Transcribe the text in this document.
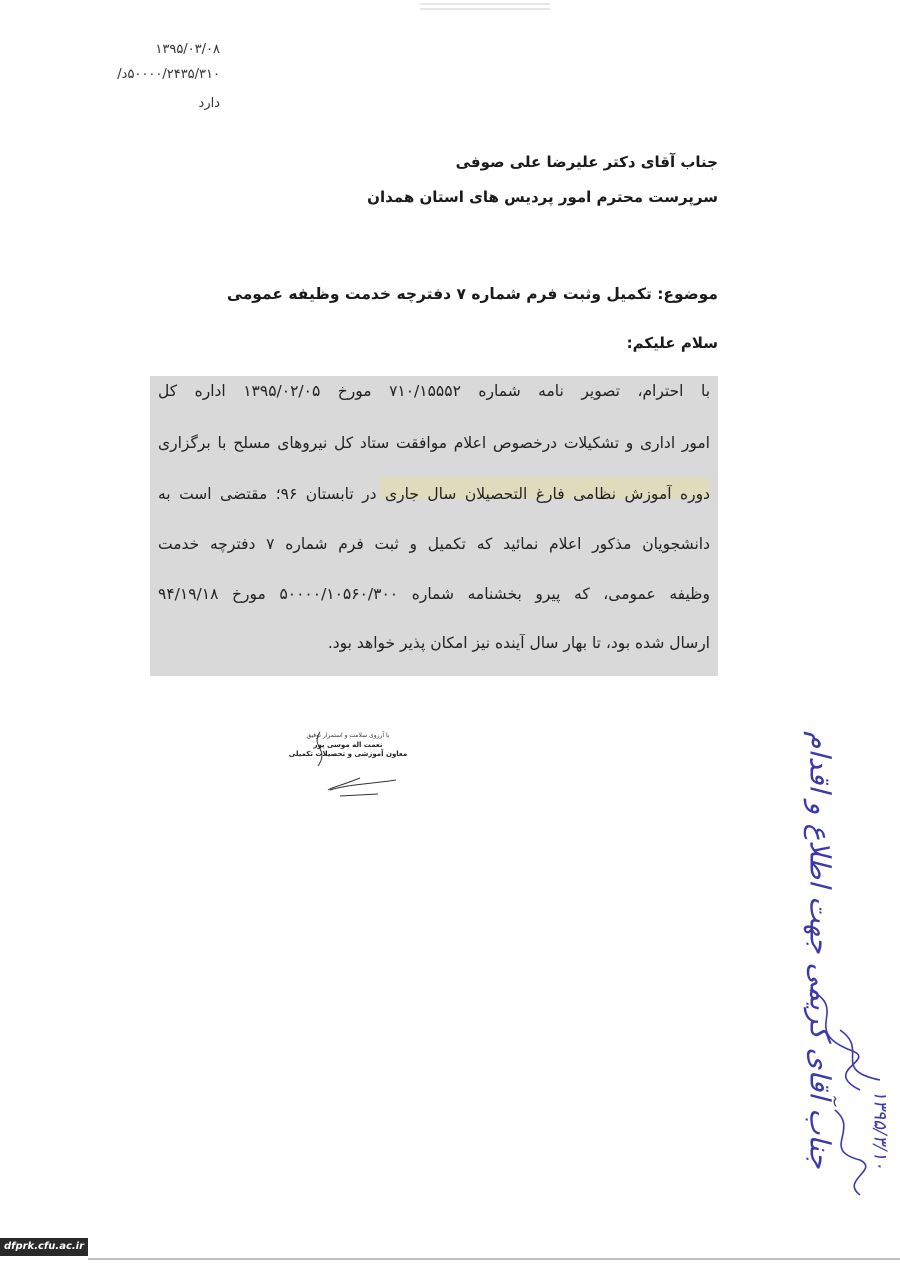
۱۳۹۵/۰۳/۰۸
۵۰۰۰۰/۲۴۳۵/۳۱۰د/
دارد
جناب آقای دکتر علیرضا علی صوفی
سرپرست محترم امور پردیس های استان همدان
موضوع: تکمیل وثبت فرم شماره ۷ دفترچه خدمت وظیفه عمومی
سلام علیکم:
با احترام، تصویر نامه شماره ۷۱۰/۱۵۵۵۲ مورخ ۱۳۹۵/۰۲/۰۵ اداره کل
امور اداری و تشکیلات درخصوص اعلام موافقت ستاد کل نیروهای مسلح با برگزاری
دوره آموزش نظامی فارغ التحصیلان سال جاری در تابستان ۹۶؛ مقتضی است به
دانشجویان مذکور اعلام نمائید که تکمیل و ثبت فرم شماره ۷ دفترچه خدمت
وظیفه عمومی، که پیرو بخشنامه شماره ۵۰۰۰۰/۱۰۵۶۰/۳۰۰ مورخ ۹۴/۱۹/۱۸
ارسال شده بود، تا بهار سال آینده نیز امکان پذیر خواهد بود.
با آرزوی سلامت و استمرار توفیق
نعمت اله موسی پور
معاون آموزشی و تحصیلات تکمیلی	جناب آقای کریمی جهت اطلاع و اقدام ۱۳۹۵/۳/۱۰
dfprk.cfu.ac.ir
